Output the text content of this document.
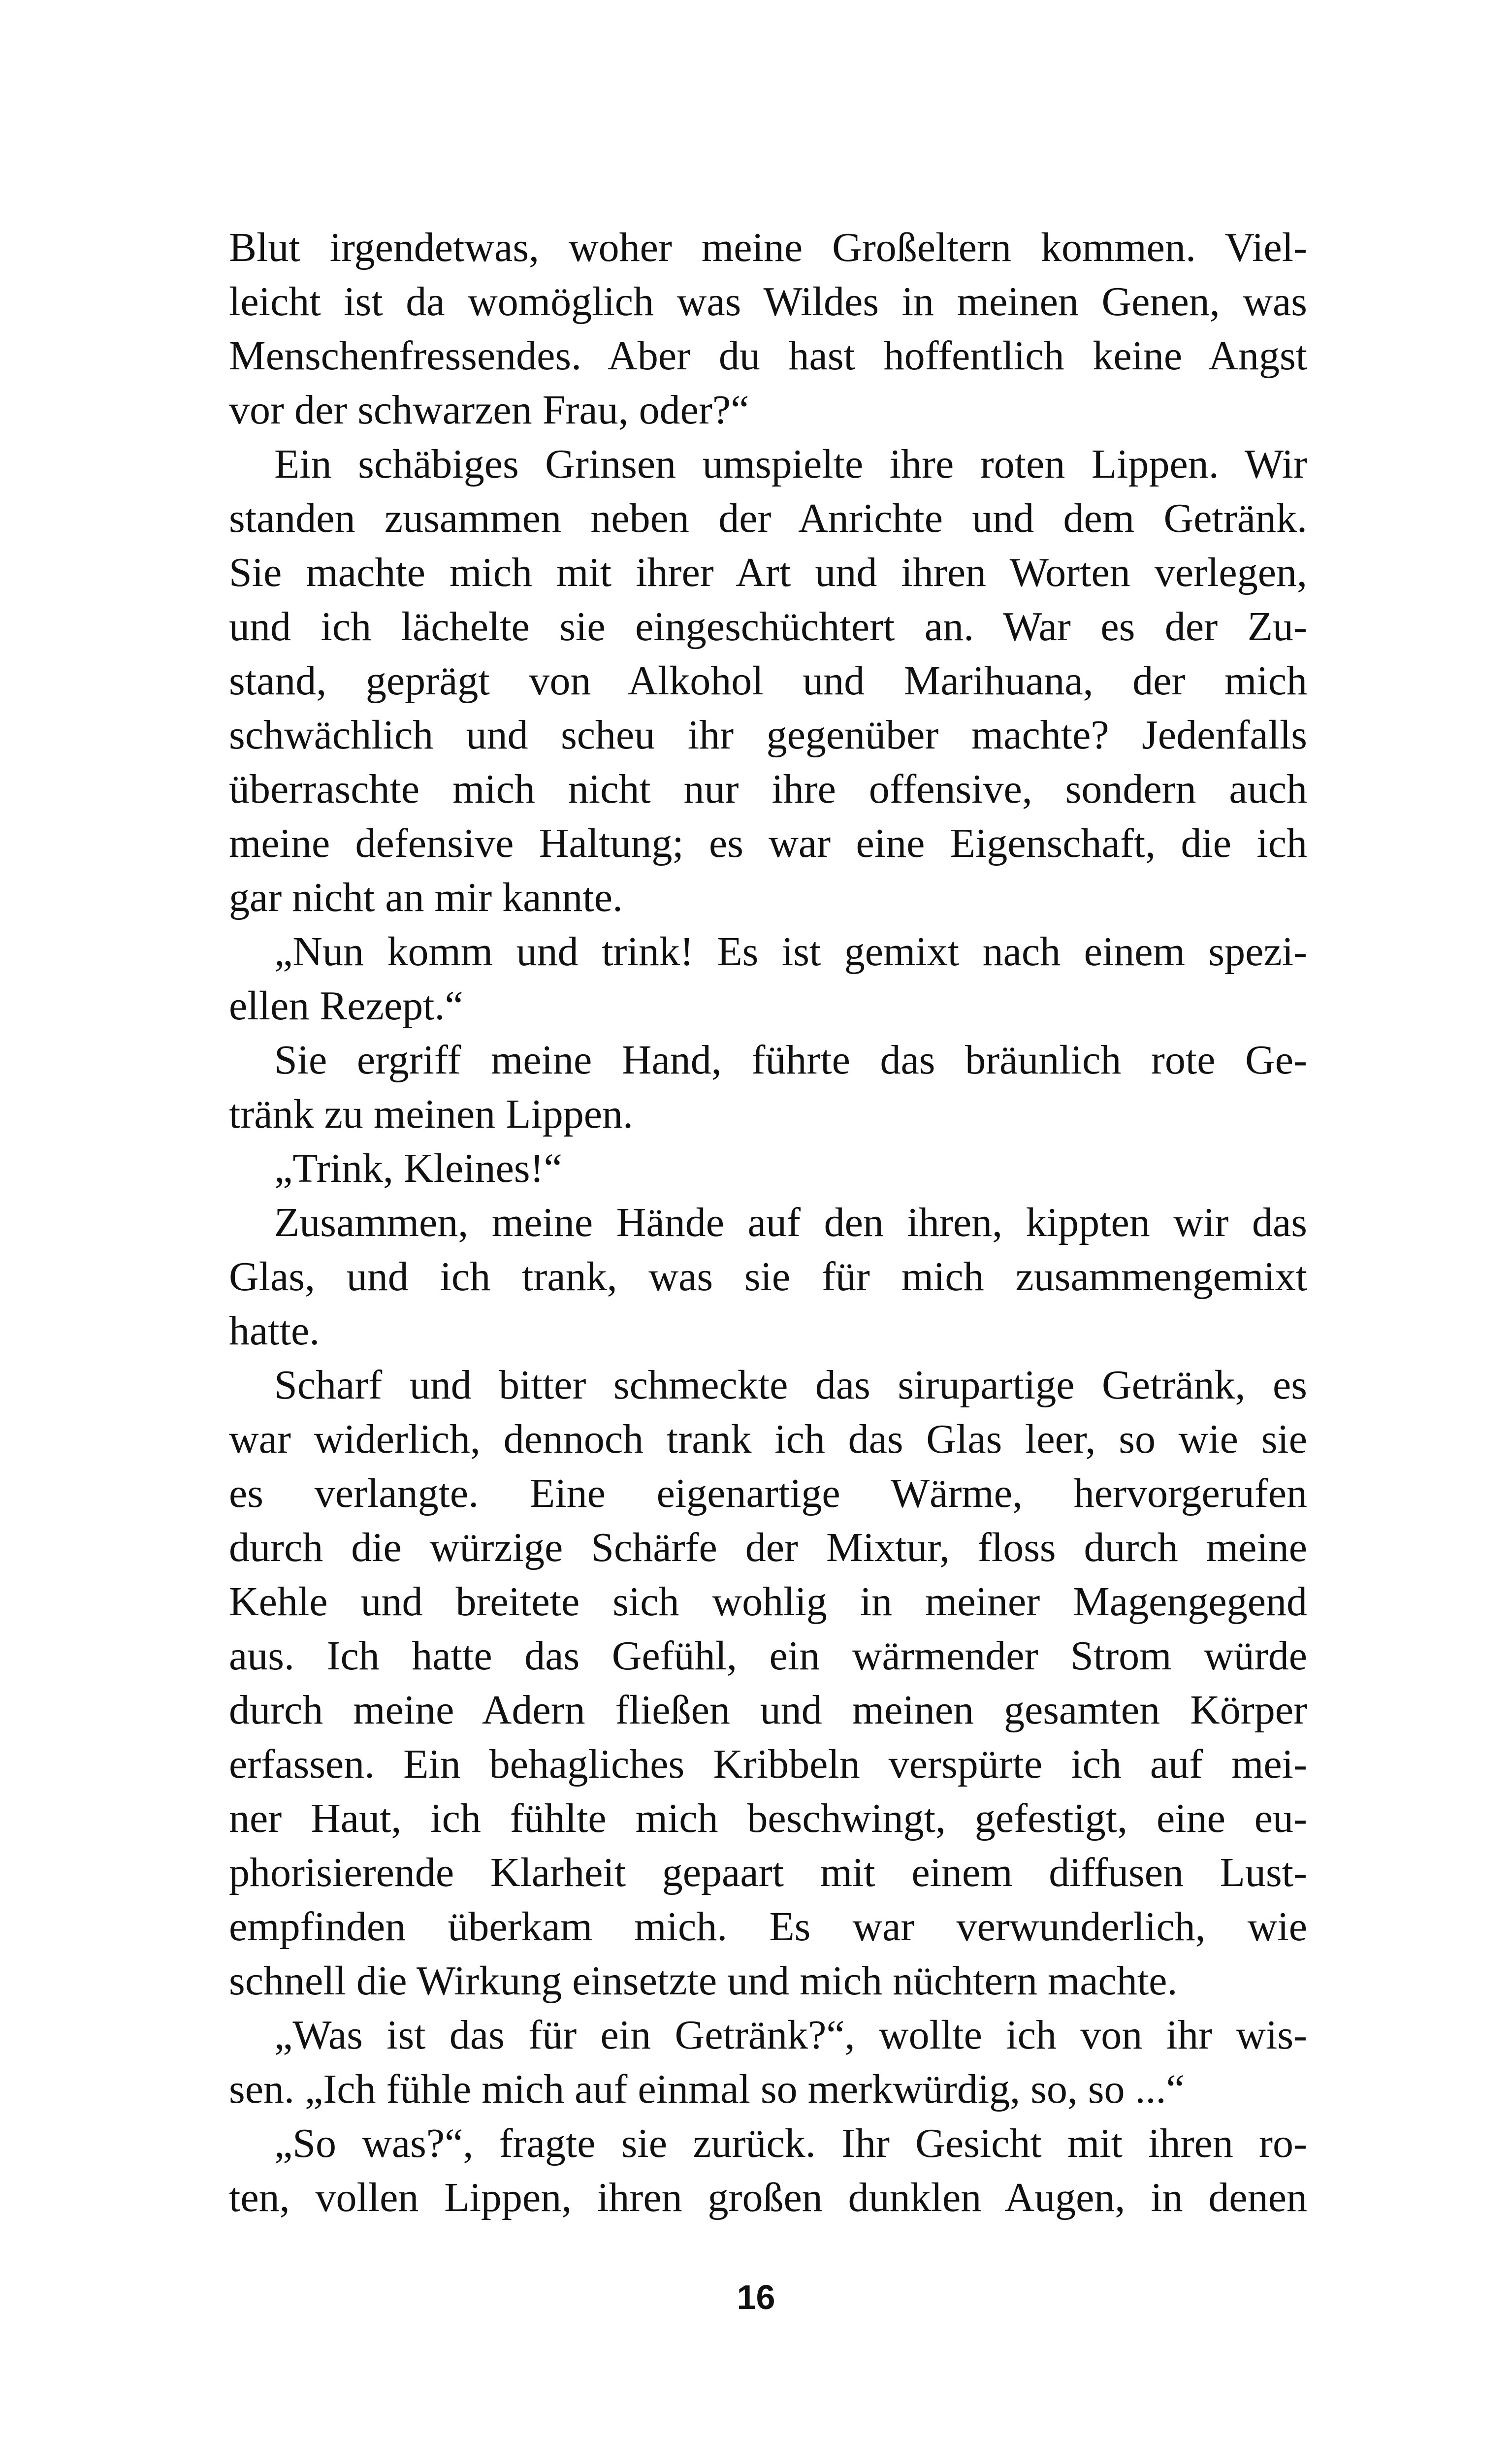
Blut irgendetwas, woher meine Großeltern kommen. Viel-
leicht ist da womöglich was Wildes in meinen Genen, was
Menschenfressendes. Aber du hast hoffentlich keine Angst
vor der schwarzen Frau, oder?“
Ein schäbiges Grinsen umspielte ihre roten Lippen. Wir
standen zusammen neben der Anrichte und dem Getränk.
Sie machte mich mit ihrer Art und ihren Worten verlegen,
und ich lächelte sie eingeschüchtert an. War es der Zu-
stand, geprägt von Alkohol und Marihuana, der mich
schwächlich und scheu ihr gegenüber machte? Jedenfalls
überraschte mich nicht nur ihre offensive, sondern auch
meine defensive Haltung; es war eine Eigenschaft, die ich
gar nicht an mir kannte.
„Nun komm und trink! Es ist gemixt nach einem spezi-
ellen Rezept.“
Sie ergriff meine Hand, führte das bräunlich rote Ge-
tränk zu meinen Lippen.
„Trink, Kleines!“
Zusammen, meine Hände auf den ihren, kippten wir das
Glas, und ich trank, was sie für mich zusammengemixt
hatte.
Scharf und bitter schmeckte das sirupartige Getränk, es
war widerlich, dennoch trank ich das Glas leer, so wie sie
es verlangte. Eine eigenartige Wärme, hervorgerufen
durch die würzige Schärfe der Mixtur, floss durch meine
Kehle und breitete sich wohlig in meiner Magengegend
aus. Ich hatte das Gefühl, ein wärmender Strom würde
durch meine Adern fließen und meinen gesamten Körper
erfassen. Ein behagliches Kribbeln verspürte ich auf mei-
ner Haut, ich fühlte mich beschwingt, gefestigt, eine eu-
phorisierende Klarheit gepaart mit einem diffusen Lust-
empfinden überkam mich. Es war verwunderlich, wie
schnell die Wirkung einsetzte und mich nüchtern machte.
„Was ist das für ein Getränk?“, wollte ich von ihr wis-
sen. „Ich fühle mich auf einmal so merkwürdig, so, so ...“
„So was?“, fragte sie zurück. Ihr Gesicht mit ihren ro-
ten, vollen Lippen, ihren großen dunklen Augen, in denen
16
